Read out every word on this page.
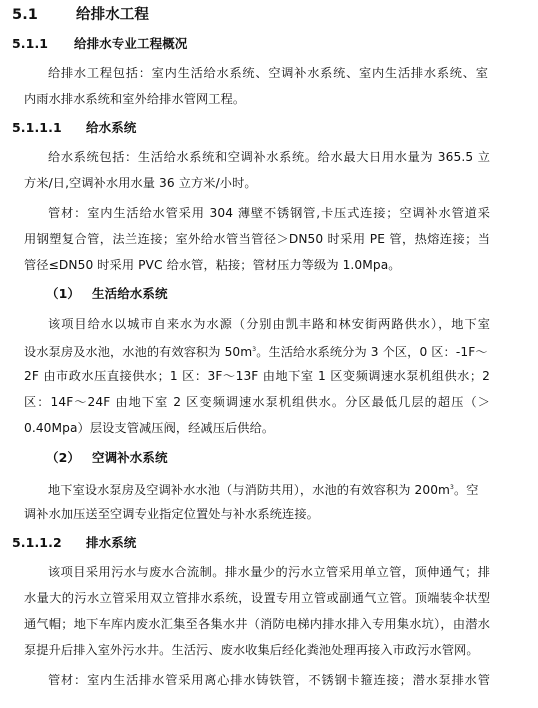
5.1	给排水工程
5.1.1 给排水专业工程概况
给排水工程包括：室内生活给水系统、空调补水系统、室内生活排水系统、室
内雨水排水系统和室外给排水管网工程。
5.1.1.1 给水系统
给水系统包括：生活给水系统和空调补水系统。给水最大日用水量为 365.5 立
方米/日,空调补水用水量 36 立方米/小时。
管材：室内生活给水管采用 304 薄壁不锈钢管,卡压式连接；空调补水管道采
用钢塑复合管，法兰连接；室外给水管当管径＞DN50 时采用 PE 管，热熔连接；当
管径≤DN50 时采用 PVC 给水管，粘接；管材压力等级为 1.0Mpa。
（1） 生活给水系统
该项目给水以城市自来水为水源（分别由凯丰路和林安街两路供水），地下室
设水泵房及水池，水池的有效容积为 $50m^3$。生活给水系统分为 3 个区，0 区：-1F～
2F 由市政水压直接供水；1 区：3F～13F 由地下室 1 区变频调速水泵机组供水；2
区：14F～24F 由地下室 2 区变频调速水泵机组供水。分区最低几层的超压（＞
0.40Mpa）层设支管减压阀，经减压后供给。
（2） 空调补水系统
地下室设水泵房及空调补水水池（与消防共用），水池的有效容积为 $200m^3$。空
调补水加压送至空调专业指定位置处与补水系统连接。
5.1.1.2 排水系统
该项目采用污水与废水合流制。排水量少的污水立管采用单立管，顶伸通气；排
水量大的污水立管采用双立管排水系统，设置专用立管或副通气立管。顶端装伞状型
通气帽；地下车库内废水汇集至各集水井（消防电梯内排水排入专用集水坑），由潜水
泵提升后排入室外污水井。生活污、废水收集后经化粪池处理再接入市政污水管网。
管材：室内生活排水管采用离心排水铸铁管，不锈钢卡箍连接；潜水泵排水管
